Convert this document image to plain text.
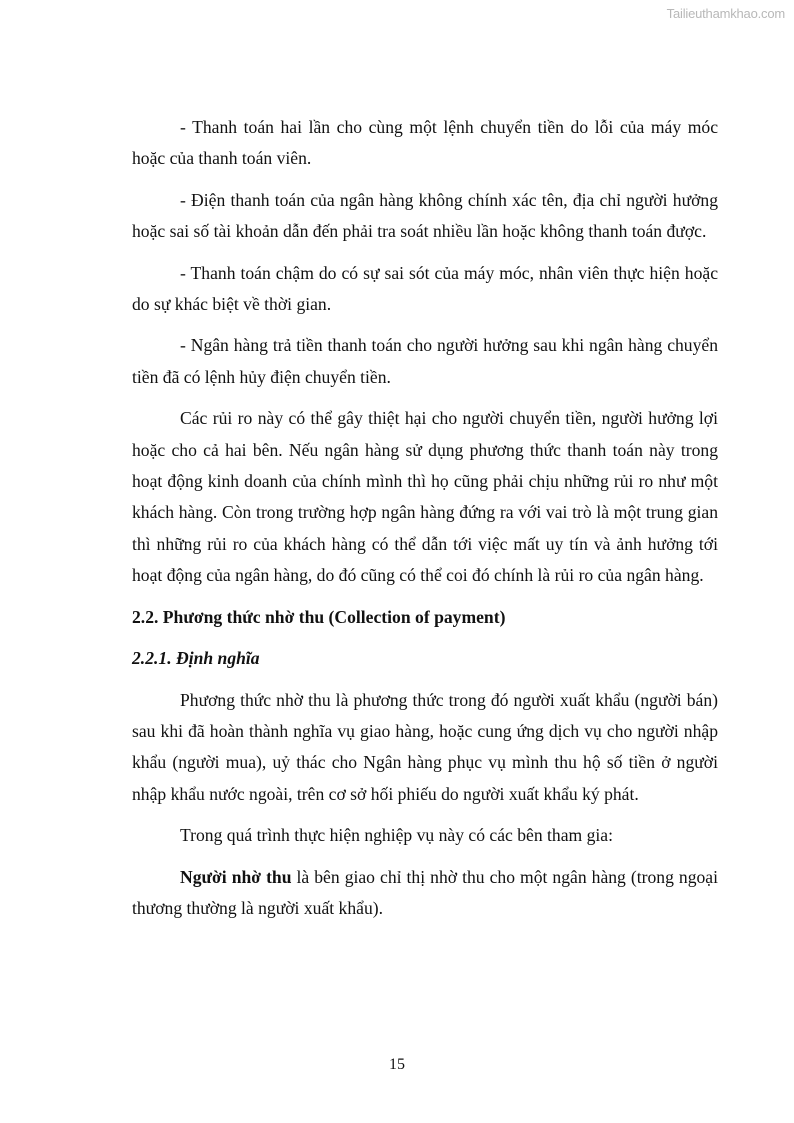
Tailieuthamkhao.com

- Thanh toán hai lần cho cùng một lệnh chuyển tiền do lỗi của máy móc hoặc của thanh toán viên.

- Điện thanh toán của ngân hàng không chính xác tên, địa chỉ người hưởng hoặc sai số tài khoản dẫn đến phải tra soát nhiều lần hoặc không thanh toán được.

- Thanh toán chậm do có sự sai sót của máy móc, nhân viên thực hiện hoặc do sự khác biệt về thời gian.

- Ngân hàng trả tiền thanh toán cho người hưởng sau khi ngân hàng chuyển tiền đã có lệnh hủy điện chuyển tiền.

Các rủi ro này có thể gây thiệt hại cho người chuyển tiền, người hưởng lợi hoặc cho cả hai bên. Nếu ngân hàng sử dụng phương thức thanh toán này trong hoạt động kinh doanh của chính mình thì họ cũng phải chịu những rủi ro như một khách hàng. Còn trong trường hợp ngân hàng đứng ra với vai trò là một trung gian thì những rủi ro của khách hàng có thể dẫn tới việc mất uy tín và ảnh hưởng tới hoạt động của ngân hàng, do đó cũng có thể coi đó chính là rủi ro của ngân hàng.

2.2. Phương thức nhờ thu (Collection of payment)
2.2.1. Định nghĩa

Phương thức nhờ thu là phương thức trong đó người xuất khẩu (người bán) sau khi đã hoàn thành nghĩa vụ giao hàng, hoặc cung ứng dịch vụ cho người nhập khẩu (người mua), uỷ thác cho Ngân hàng phục vụ mình thu hộ số tiền ở người nhập khẩu nước ngoài, trên cơ sở hối phiếu do người xuất khẩu ký phát.

Trong quá trình thực hiện nghiệp vụ này có các bên tham gia:

Người nhờ thu là bên giao chỉ thị nhờ thu cho một ngân hàng (trong ngoại thương thường là người xuất khẩu).

15
